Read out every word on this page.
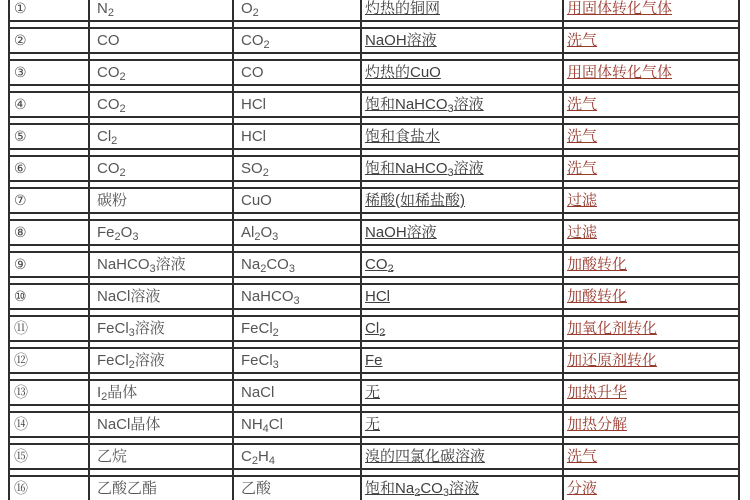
①	$N_2$	$O_2$	灼热的铜网	用固体转化气体
②	CO	$CO_2$	NaOH溶液	洗气
③	$CO_2$	CO	灼热的CuO	用固体转化气体
④	$CO_2$	HCl	饱和NaHCO$_3$溶液	洗气
⑤	$Cl_2$	HCl	饱和食盐水	洗气
⑥	$CO_2$	$SO_2$	饱和NaHCO$_3$溶液	洗气
⑦	碳粉	CuO	稀酸(如稀盐酸)	过滤
⑧	$Fe_2O_3$	$Al_2O_3$	NaOH溶液	过滤
⑨	NaHCO$_3$溶液	$Na_2CO_3$	$CO_2$	加酸转化
⑩	NaCl溶液	NaHCO$_3$	HCl	加酸转化
⑪	FeCl$_3$溶液	FeCl$_2$	$Cl_2$	加氧化剂转化
⑫	FeCl$_2$溶液	FeCl$_3$	Fe	加还原剂转化
⑬	$I_2$晶体	NaCl	无	加热升华
⑭	NaCl晶体	$NH_4Cl$	无	加热分解
⑮	乙烷	$C_2H_4$	溴的四氯化碳溶液	洗气
⑯	乙酸乙酯	乙酸	饱和$Na_2CO_3$溶液	分液
